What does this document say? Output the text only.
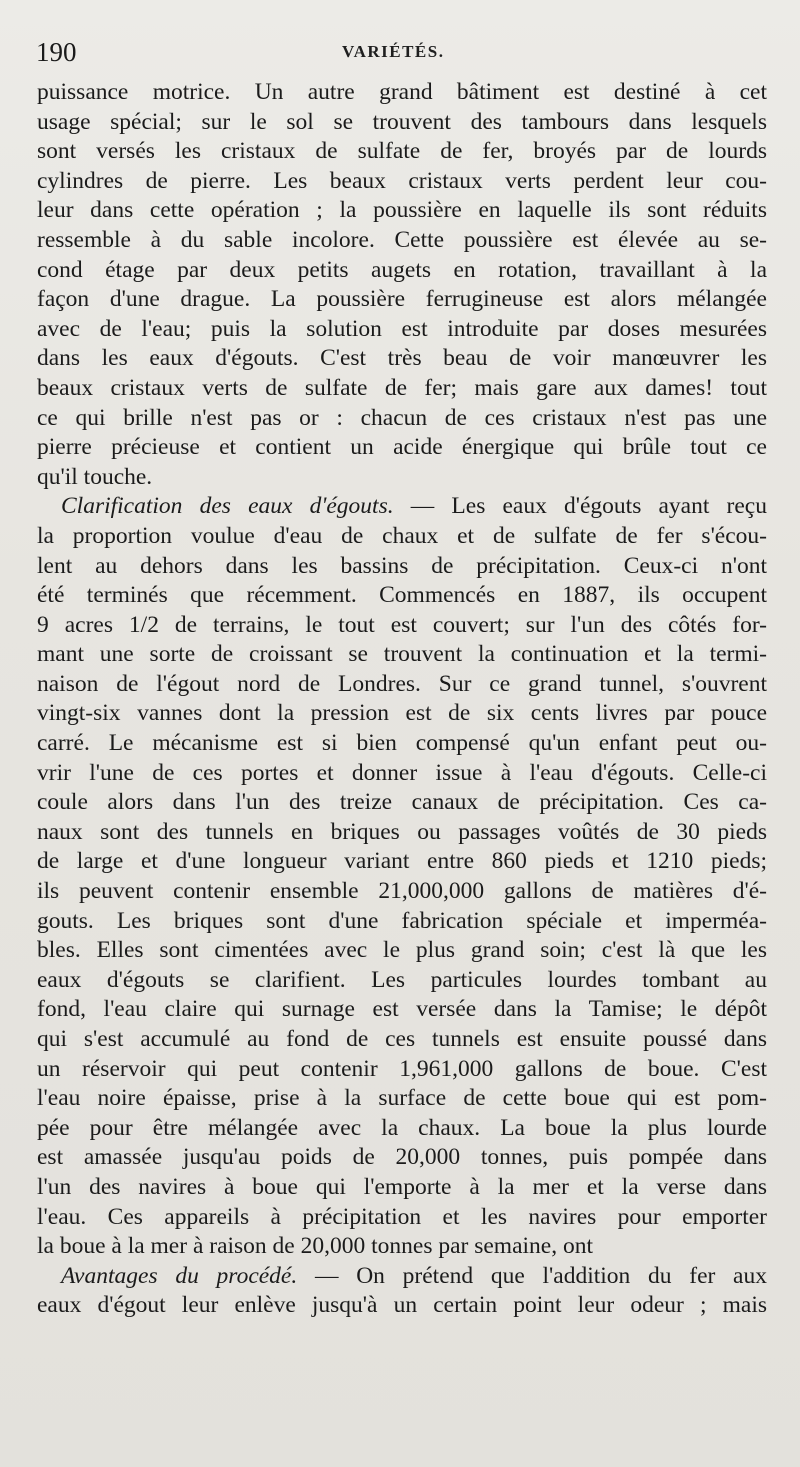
190	VARIÉTÉS.
puissance motrice. Un autre grand bâtiment est destiné à cet
usage spécial; sur le sol se trouvent des tambours dans lesquels
sont versés les cristaux de sulfate de fer, broyés par de lourds
cylindres de pierre. Les beaux cristaux verts perdent leur cou-
leur dans cette opération ; la poussière en laquelle ils sont réduits
ressemble à du sable incolore. Cette poussière est élevée au se-
cond étage par deux petits augets en rotation, travaillant à la
façon d'une drague. La poussière ferrugineuse est alors mélangée
avec de l'eau; puis la solution est introduite par doses mesurées
dans les eaux d'égouts. C'est très beau de voir manœuvrer les
beaux cristaux verts de sulfate de fer; mais gare aux dames! tout
ce qui brille n'est pas or : chacun de ces cristaux n'est pas une
pierre précieuse et contient un acide énergique qui brûle tout ce
qu'il touche.
Clarification des eaux d'égouts. — Les eaux d'égouts ayant reçu
la proportion voulue d'eau de chaux et de sulfate de fer s'écou-
lent au dehors dans les bassins de précipitation. Ceux-ci n'ont
été terminés que récemment. Commencés en 1887, ils occupent
9 acres 1/2 de terrains, le tout est couvert; sur l'un des côtés for-
mant une sorte de croissant se trouvent la continuation et la termi-
naison de l'égout nord de Londres. Sur ce grand tunnel, s'ouvrent
vingt-six vannes dont la pression est de six cents livres par pouce
carré. Le mécanisme est si bien compensé qu'un enfant peut ou-
vrir l'une de ces portes et donner issue à l'eau d'égouts. Celle-ci
coule alors dans l'un des treize canaux de précipitation. Ces ca-
naux sont des tunnels en briques ou passages voûtés de 30 pieds
de large et d'une longueur variant entre 860 pieds et 1210 pieds;
ils peuvent contenir ensemble 21,000,000 gallons de matières d'é-
gouts. Les briques sont d'une fabrication spéciale et imperméa-
bles. Elles sont cimentées avec le plus grand soin; c'est là que les
eaux d'égouts se clarifient. Les particules lourdes tombant au
fond, l'eau claire qui surnage est versée dans la Tamise; le dépôt
qui s'est accumulé au fond de ces tunnels est ensuite poussé dans
un réservoir qui peut contenir 1,961,000 gallons de boue. C'est
l'eau noire épaisse, prise à la surface de cette boue qui est pom-
pée pour être mélangée avec la chaux. La boue la plus lourde
est amassée jusqu'au poids de 20,000 tonnes, puis pompée dans
l'un des navires à boue qui l'emporte à la mer et la verse dans
l'eau. Ces appareils à précipitation et les navires pour emporter
la boue à la mer à raison de 20,000 tonnes par semaine, ont
Avantages du procédé. — On prétend que l'addition du fer aux
eaux d'égout leur enlève jusqu'à un certain point leur odeur ; mais
